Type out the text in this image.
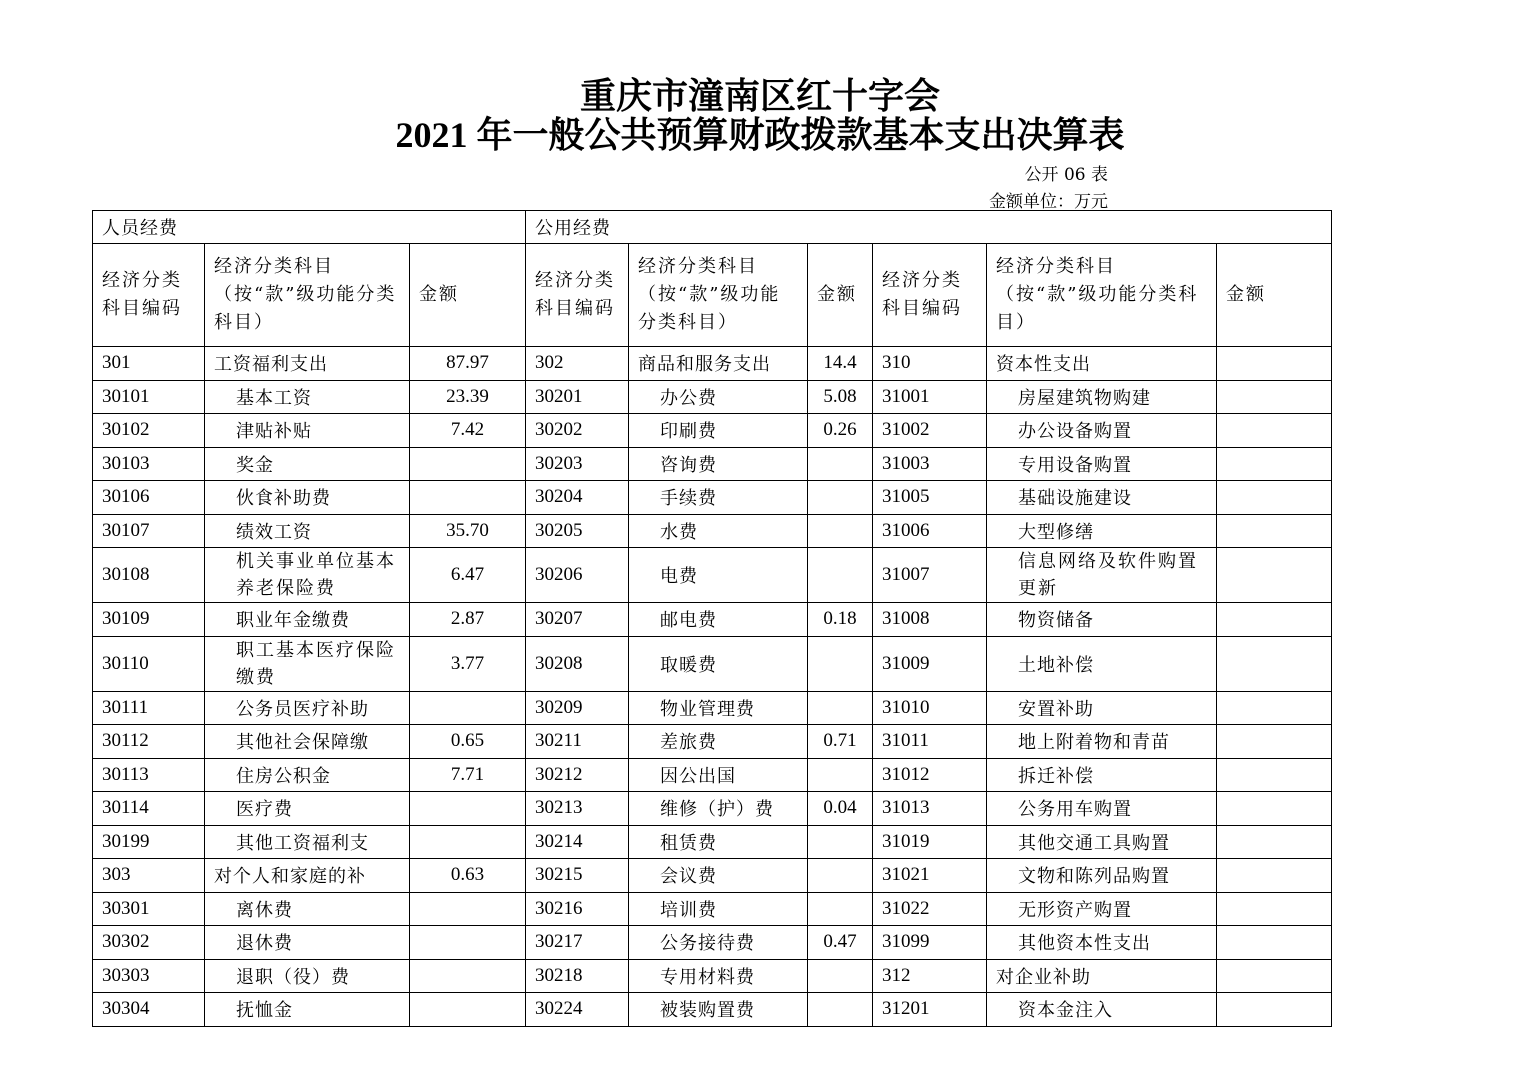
重庆市潼南区红十字会
2021 年一般公共预算财政拨款基本支出决算表
公开 06 表
金额单位：万元
人员经费			公用经费					
经济分类科目编码	经济分类科目（按“款”级功能分类科目）	金额	经济分类科目编码	经济分类科目（按“款”级功能分类科目）	金额	经济分类科目编码	经济分类科目（按“款”级功能分类科目）	金额
301	工资福利支出	87.97	302	商品和服务支出	14.4	310	资本性支出	
30101	基本工资	23.39	30201	办公费	5.08	31001	房屋建筑物购建	
30102	津贴补贴	7.42	30202	印刷费	0.26	31002	办公设备购置	
30103	奖金		30203	咨询费		31003	专用设备购置	
30106	伙食补助费		30204	手续费		31005	基础设施建设	
30107	绩效工资	35.70	30205	水费		31006	大型修缮	
30108	机关事业单位基本养老保险费	6.47	30206	电费		31007	信息网络及软件购置更新	
30109	职业年金缴费	2.87	30207	邮电费	0.18	31008	物资储备	
30110	职工基本医疗保险缴费	3.77	30208	取暖费		31009	土地补偿	
30111	公务员医疗补助		30209	物业管理费		31010	安置补助	
30112	其他社会保障缴	0.65	30211	差旅费	0.71	31011	地上附着物和青苗	
30113	住房公积金	7.71	30212	因公出国		31012	拆迁补偿	
30114	医疗费		30213	维修（护）费	0.04	31013	公务用车购置	
30199	其他工资福利支		30214	租赁费		31019	其他交通工具购置	
303	对个人和家庭的补	0.63	30215	会议费		31021	文物和陈列品购置	
30301	离休费		30216	培训费		31022	无形资产购置	
30302	退休费		30217	公务接待费	0.47	31099	其他资本性支出	
30303	退职（役）费		30218	专用材料费		312	对企业补助	
30304	抚恤金		30224	被装购置费		31201	资本金注入	
